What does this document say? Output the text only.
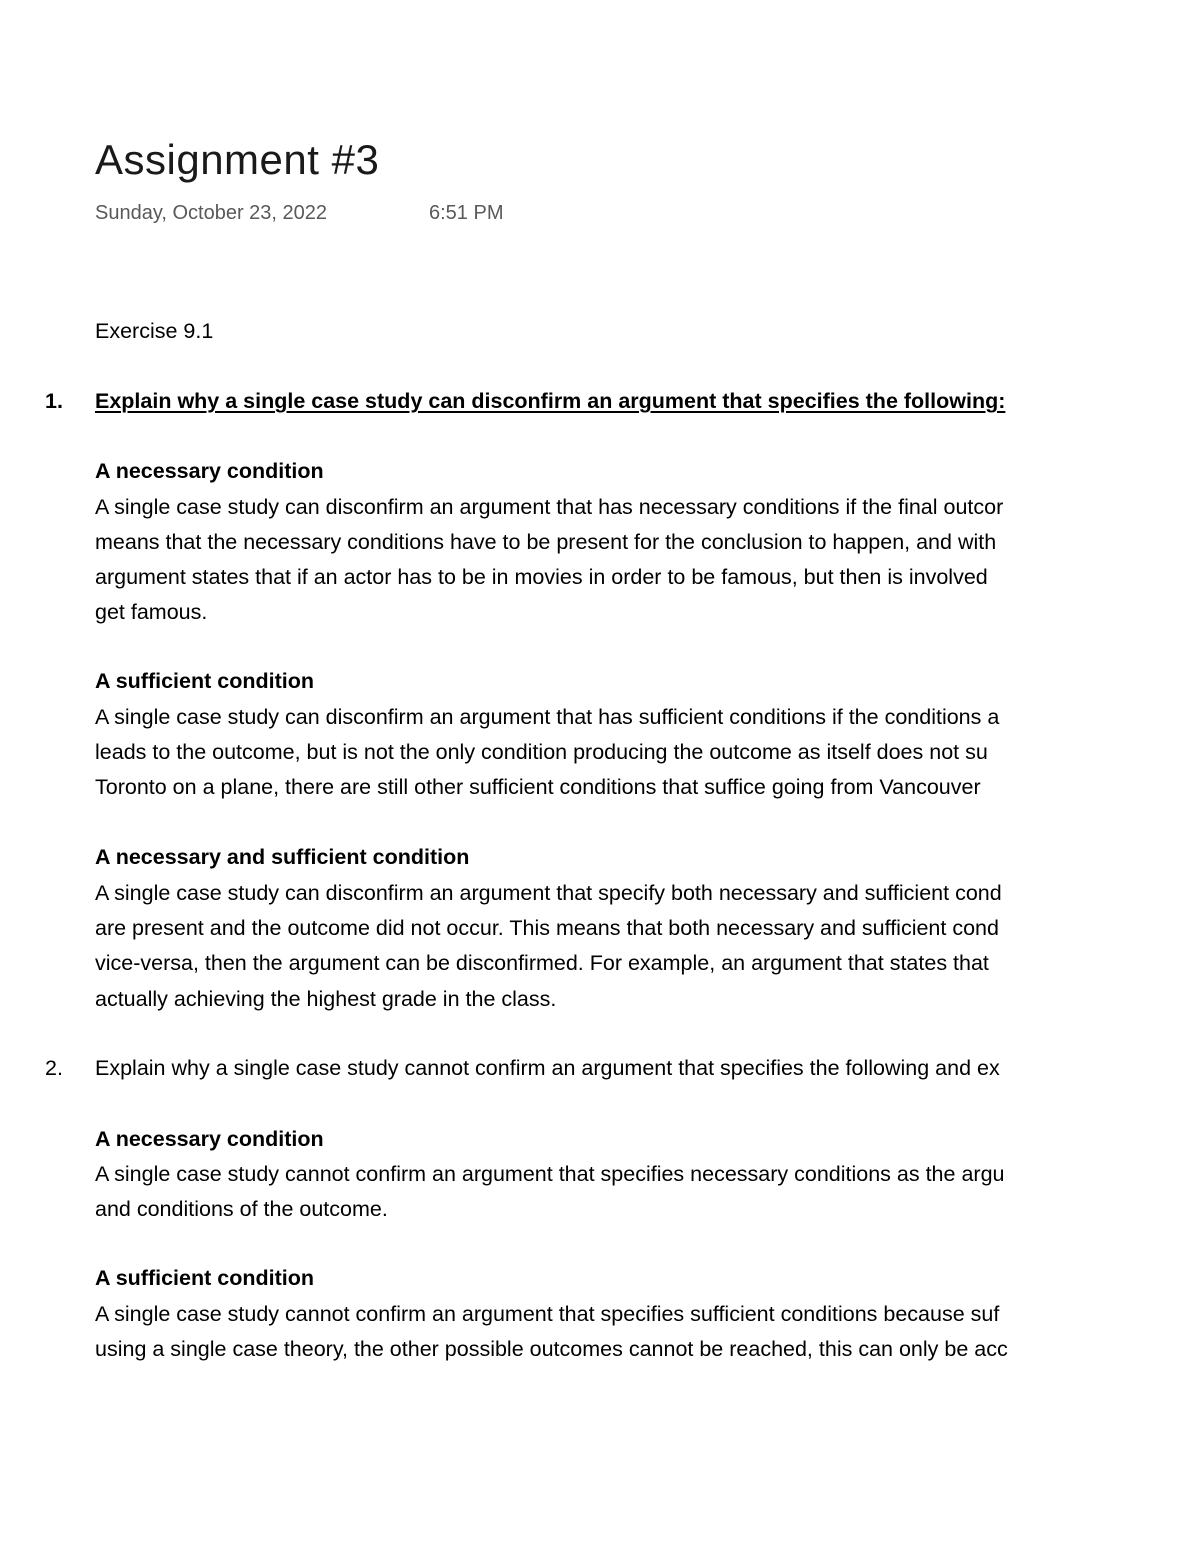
Assignment #3
Sunday, October 23, 2022	6:51 PM
Exercise 9.1
1. Explain why a single case study can disconfirm an argument that specifies the following:
A necessary condition
A single case study can disconfirm an argument that has necessary conditions if the final outcor
means that the necessary conditions have to be present for the conclusion to happen, and with
argument states that if an actor has to be in movies in order to be famous, but then is involved
get famous.
A sufficient condition
A single case study can disconfirm an argument that has sufficient conditions if the conditions a
leads to the outcome, but is not the only condition producing the outcome as itself does not su
Toronto on a plane, there are still other sufficient conditions that suffice going from Vancouver
A necessary and sufficient condition
A single case study can disconfirm an argument that specify both necessary and sufficient cond
are present and the outcome did not occur. This means that both necessary and sufficient cond
vice-versa, then the argument can be disconfirmed. For example, an argument that states that
actually achieving the highest grade in the class.
2. Explain why a single case study cannot confirm an argument that specifies the following and ex
A necessary condition
A single case study cannot confirm an argument that specifies necessary conditions as the argu
and conditions of the outcome.
A sufficient condition
A single case study cannot confirm an argument that specifies sufficient conditions because suf
using a single case theory, the other possible outcomes cannot be reached, this can only be acc
